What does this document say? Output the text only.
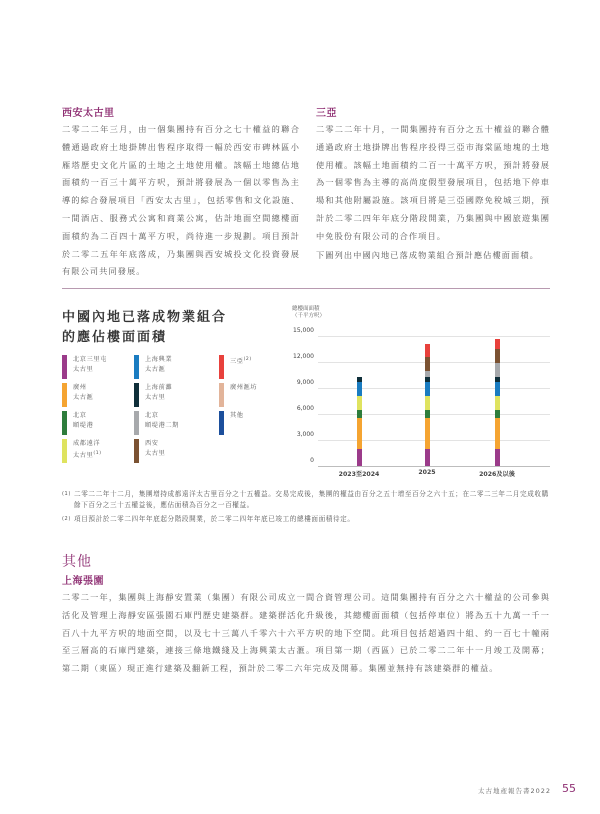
西安太古里
二零二二年三月，由一個集團持有百分之七十權益的聯合體通過政府土地掛牌出售程序取得一幅於西安市碑林區小雁塔歷史文化片區的土地之土地使用權。該幅土地總佔地面積約一百三十萬平方呎，預計將發展為一個以零售為主導的綜合發展項目「西安太古里」，包括零售和文化設施、一間酒店、服務式公寓和商業公寓，估計地面空間總樓面面積約為二百四十萬平方呎，尚待進一步規劃。項目預計於二零二五年年底落成，乃集團與西安城投文化投資發展有限公司共同發展。
三亞
二零二二年十月，一間集團持有百分之五十權益的聯合體通過政府土地掛牌出售程序投得三亞市海棠區地塊的土地使用權。該幅土地面積約二百一十萬平方呎，預計將發展為一個零售為主導的高尚度假型發展項目，包括地下停車場和其他附屬設施。該項目將是三亞國際免稅城三期，預計於二零二四年年底分階段開業，乃集團與中國旅遊集團中免股份有限公司的合作項目。
下圖列出中國內地已落成物業組合預計應佔樓面面積。
中國內地已落成物業組合
的應佔樓面面積
北京三里屯
太古里
上海興業
太古滙
三亞$^{(2)}$
廣州
太古滙
上海前灘
太古里
廣州滙坊
北京
頤堤港
北京
頤堤港二期
其他
成都遠洋
太古里$^{(1)}$
西安
太古里
總樓面面積
（千平方呎）
15,000
12,000
9,000
6,000
3,000
0
2023至2024	2025	2026及以後
(1) 二零二二年十二月，集團增持成都遠洋太古里百分之十五權益。交易完成後，集團的權益由百分之五十增至百分之六十五；在二零二三年二月完成收購餘下百分之三十五權益後，應佔面積為百分之一百權益。
(2) 項目預計於二零二四年年底起分階段開業，於二零二四年年底已竣工的總樓面面積待定。
其他
上海張園
二零二一年，集團與上海靜安置業（集團）有限公司成立一間合資管理公司。這間集團持有百分之六十權益的公司參與活化及管理上海靜安區張園石庫門歷史建築群。建築群活化升級後，其總樓面面積（包括停車位）將為五十九萬一千一百八十九平方呎的地面空間，以及七十三萬八千零六十六平方呎的地下空間。此項目包括超過四十組、約一百七十幢兩至三層高的石庫門建築，連接三條地鐵綫及上海興業太古滙。項目第一期（西區）已於二零二二年十一月竣工及開幕；第二期（東區）現正進行建築及翻新工程，預計於二零二六年完成及開幕。集團並無持有該建築群的權益。
太古地產報告書2022 55
